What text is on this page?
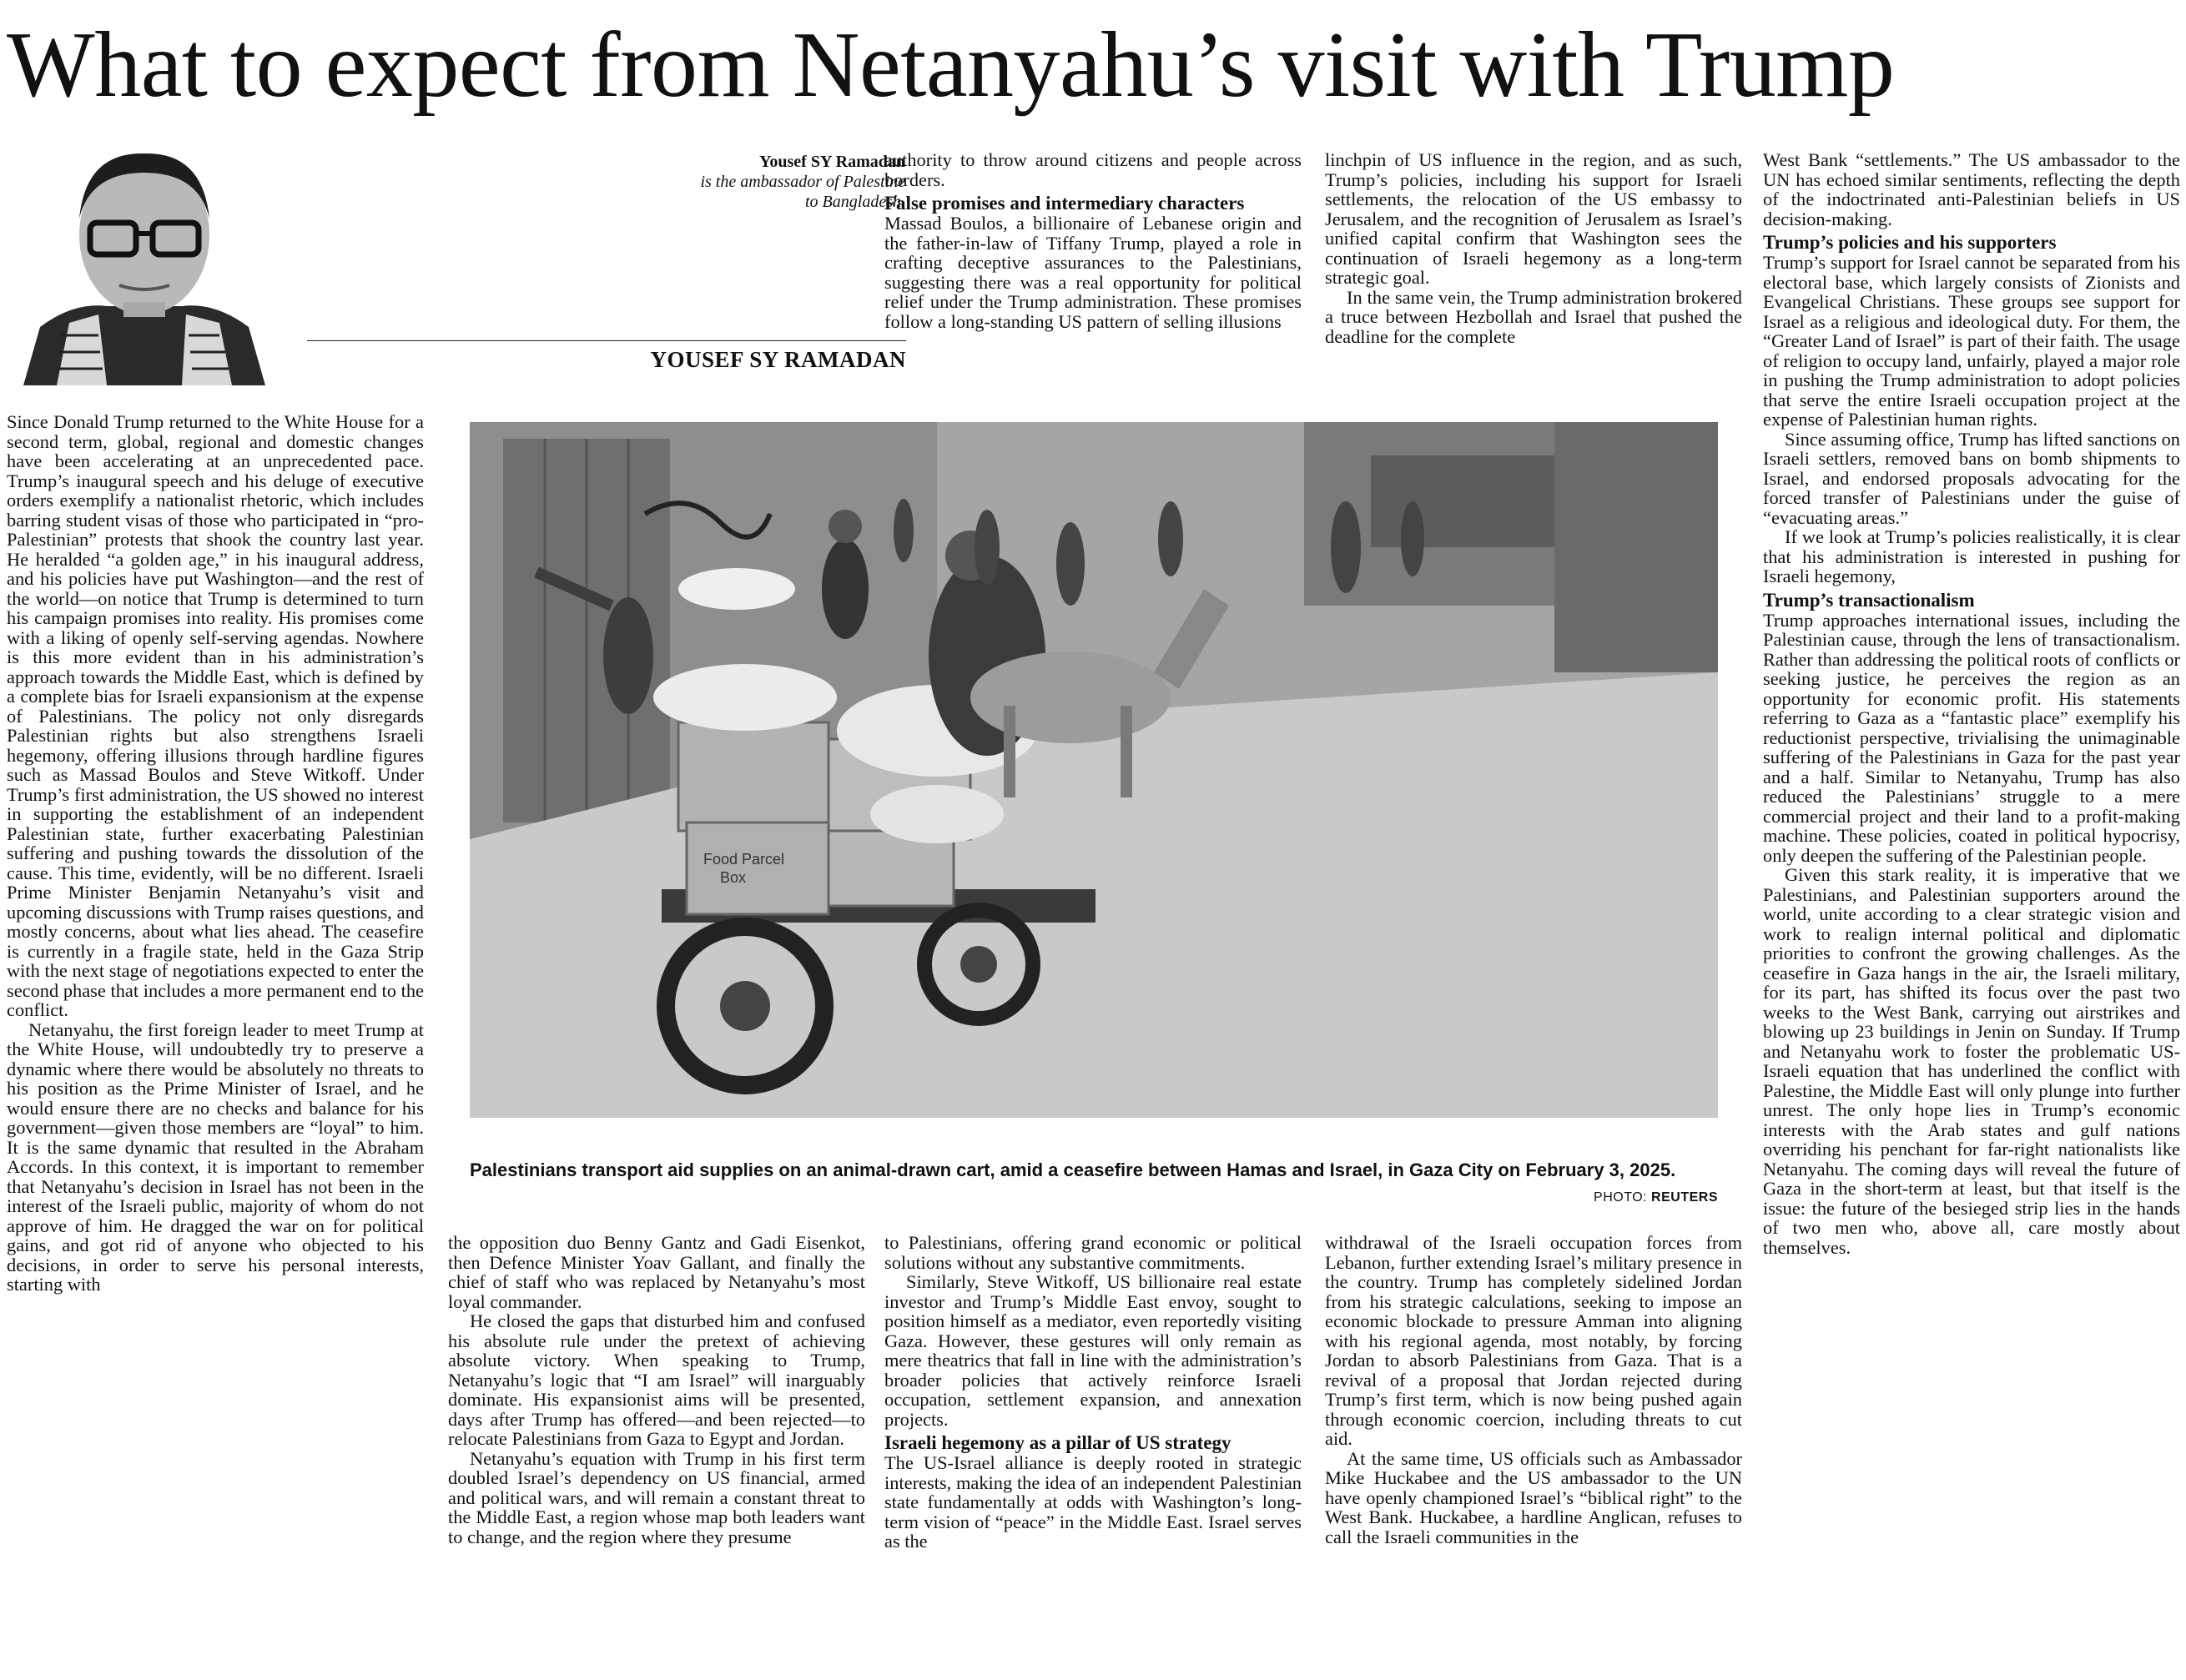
What to expect from Netanyahu’s visit with Trump
Yousef SY Ramadan
is the ambassador of Palestine
to Bangladesh.
YOUSEF SY RAMADAN

Since Donald Trump returned to the White House for a second term, global, regional and domestic changes have been accelerating at an unprecedented pace. Trump’s inaugural speech and his deluge of executive orders exemplify a nationalist rhetoric, which includes barring student visas of those who participated in “pro-Palestinian” protests that shook the country last year. He heralded “a golden age,” in his inaugural address, and his policies have put Washington—and the rest of the world—on notice that Trump is determined to turn his campaign promises into reality. His promises come with a liking of openly self-serving agendas. Nowhere is this more evident than in his administration’s approach towards the Middle East, which is defined by a complete bias for Israeli expansionism at the expense of Palestinians. The policy not only disregards Palestinian rights but also strengthens Israeli hegemony, offering illusions through hardline figures such as Massad Boulos and Steve Witkoff. Under Trump’s first administration, the US showed no interest in supporting the establishment of an independent Palestinian state, further exacerbating Palestinian suffering and pushing towards the dissolution of the cause. This time, evidently, will be no different. Israeli Prime Minister Benjamin Netanyahu’s visit and upcoming discussions with Trump raises questions, and mostly concerns, about what lies ahead. The ceasefire is currently in a fragile state, held in the Gaza Strip with the next stage of negotiations expected to enter the second phase that includes a more permanent end to the conflict.

Netanyahu, the first foreign leader to meet Trump at the White House, will undoubtedly try to preserve a dynamic where there would be absolutely no threats to his position as the Prime Minister of Israel, and he would ensure there are no checks and balance for his government—given those members are “loyal” to him. It is the same dynamic that resulted in the Abraham Accords. In this context, it is important to remember that Netanyahu’s decision in Israel has not been in the interest of the Israeli public, majority of whom do not approve of him. He dragged the war on for political gains, and got rid of anyone who objected to his decisions, in order to serve his personal interests, starting with

authority to throw around citizens and people across borders.

False promises and intermediary characters

Massad Boulos, a billionaire of Lebanese origin and the father-in-law of Tiffany Trump, played a role in crafting deceptive assurances to the Palestinians, suggesting there was a real opportunity for political relief under the Trump administration. These promises follow a long-standing US pattern of selling illusions

linchpin of US influence in the region, and as such, Trump’s policies, including his support for Israeli settlements, the relocation of the US embassy to Jerusalem, and the recognition of Jerusalem as Israel’s unified capital confirm that Washington sees the continuation of Israeli hegemony as a long-term strategic goal.

In the same vein, the Trump administration brokered a truce between Hezbollah and Israel that pushed the deadline for the complete

West Bank “settlements.” The US ambassador to the UN has echoed similar sentiments, reflecting the depth of the indoctrinated anti-Palestinian beliefs in US decision-making.

Trump’s policies and his supporters

Trump’s support for Israel cannot be separated from his electoral base, which largely consists of Zionists and Evangelical Christians. These groups see support for Israel as a religious and ideological duty. For them, the “Greater Land of Israel” is part of their faith. The usage of religion to occupy land, unfairly, played a major role in pushing the Trump administration to adopt policies that serve the entire Israeli occupation project at the expense of Palestinian human rights.

Since assuming office, Trump has lifted sanctions on Israeli settlers, removed bans on bomb shipments to Israel, and endorsed proposals advocating for the forced transfer of Palestinians under the guise of “evacuating areas.”

If we look at Trump’s policies realistically, it is clear that his administration is interested in pushing for Israeli hegemony,

Trump’s transactionalism

Trump approaches international issues, including the Palestinian cause, through the lens of transactionalism. Rather than addressing the political roots of conflicts or seeking justice, he perceives the region as an opportunity for economic profit. His statements referring to Gaza as a “fantastic place” exemplify his reductionist perspective, trivialising the unimaginable suffering of the Palestinians in Gaza for the past year and a half. Similar to Netanyahu, Trump has also reduced the Palestinians’ struggle to a mere commercial project and their land to a profit-making machine. These policies, coated in political hypocrisy, only deepen the suffering of the Palestinian people.

Given this stark reality, it is imperative that we Palestinians, and Palestinian supporters around the world, unite according to a clear strategic vision and work to realign internal political and diplomatic priorities to confront the growing challenges. As the ceasefire in Gaza hangs in the air, the Israeli military, for its part, has shifted its focus over the past two weeks to the West Bank, carrying out airstrikes and blowing up 23 buildings in Jenin on Sunday. If Trump and Netanyahu work to foster the problematic US-Israeli equation that has underlined the conflict with Palestine, the Middle East will only plunge into further unrest. The only hope lies in Trump’s economic interests with the Arab states and gulf nations overriding his penchant for far-right nationalists like Netanyahu. The coming days will reveal the future of Gaza in the short-term at least, but that itself is the issue: the future of the besieged strip lies in the hands of two men who, above all, care mostly about themselves.

Food Parcel
Box
Palestinians transport aid supplies on an animal-drawn cart, amid a ceasefire between Hamas and Israel, in Gaza City on February 3, 2025.
PHOTO: REUTERS

the opposition duo Benny Gantz and Gadi Eisenkot, then Defence Minister Yoav Gallant, and finally the chief of staff who was replaced by Netanyahu’s most loyal commander.

He closed the gaps that disturbed him and confused his absolute rule under the pretext of achieving absolute victory. When speaking to Trump, Netanyahu’s logic that “I am Israel” will inarguably dominate. His expansionist aims will be presented, days after Trump has offered—and been rejected—to relocate Palestinians from Gaza to Egypt and Jordan.

Netanyahu’s equation with Trump in his first term doubled Israel’s dependency on US financial, armed and political wars, and will remain a constant threat to the Middle East, a region whose map both leaders want to change, and the region where they presume

to Palestinians, offering grand economic or political solutions without any substantive commitments.

Similarly, Steve Witkoff, US billionaire real estate investor and Trump’s Middle East envoy, sought to position himself as a mediator, even reportedly visiting Gaza. However, these gestures will only remain as mere theatrics that fall in line with the administration’s broader policies that actively reinforce Israeli occupation, settlement expansion, and annexation projects.

Israeli hegemony as a pillar of US strategy

The US-Israel alliance is deeply rooted in strategic interests, making the idea of an independent Palestinian state fundamentally at odds with Washington’s long-term vision of “peace” in the Middle East. Israel serves as the

withdrawal of the Israeli occupation forces from Lebanon, further extending Israel’s military presence in the country. Trump has completely sidelined Jordan from his strategic calculations, seeking to impose an economic blockade to pressure Amman into aligning with his regional agenda, most notably, by forcing Jordan to absorb Palestinians from Gaza. That is a revival of a proposal that Jordan rejected during Trump’s first term, which is now being pushed again through economic coercion, including threats to cut aid.

At the same time, US officials such as Ambassador Mike Huckabee and the US ambassador to the UN have openly championed Israel’s “biblical right” to the West Bank. Huckabee, a hardline Anglican, refuses to call the Israeli communities in the
